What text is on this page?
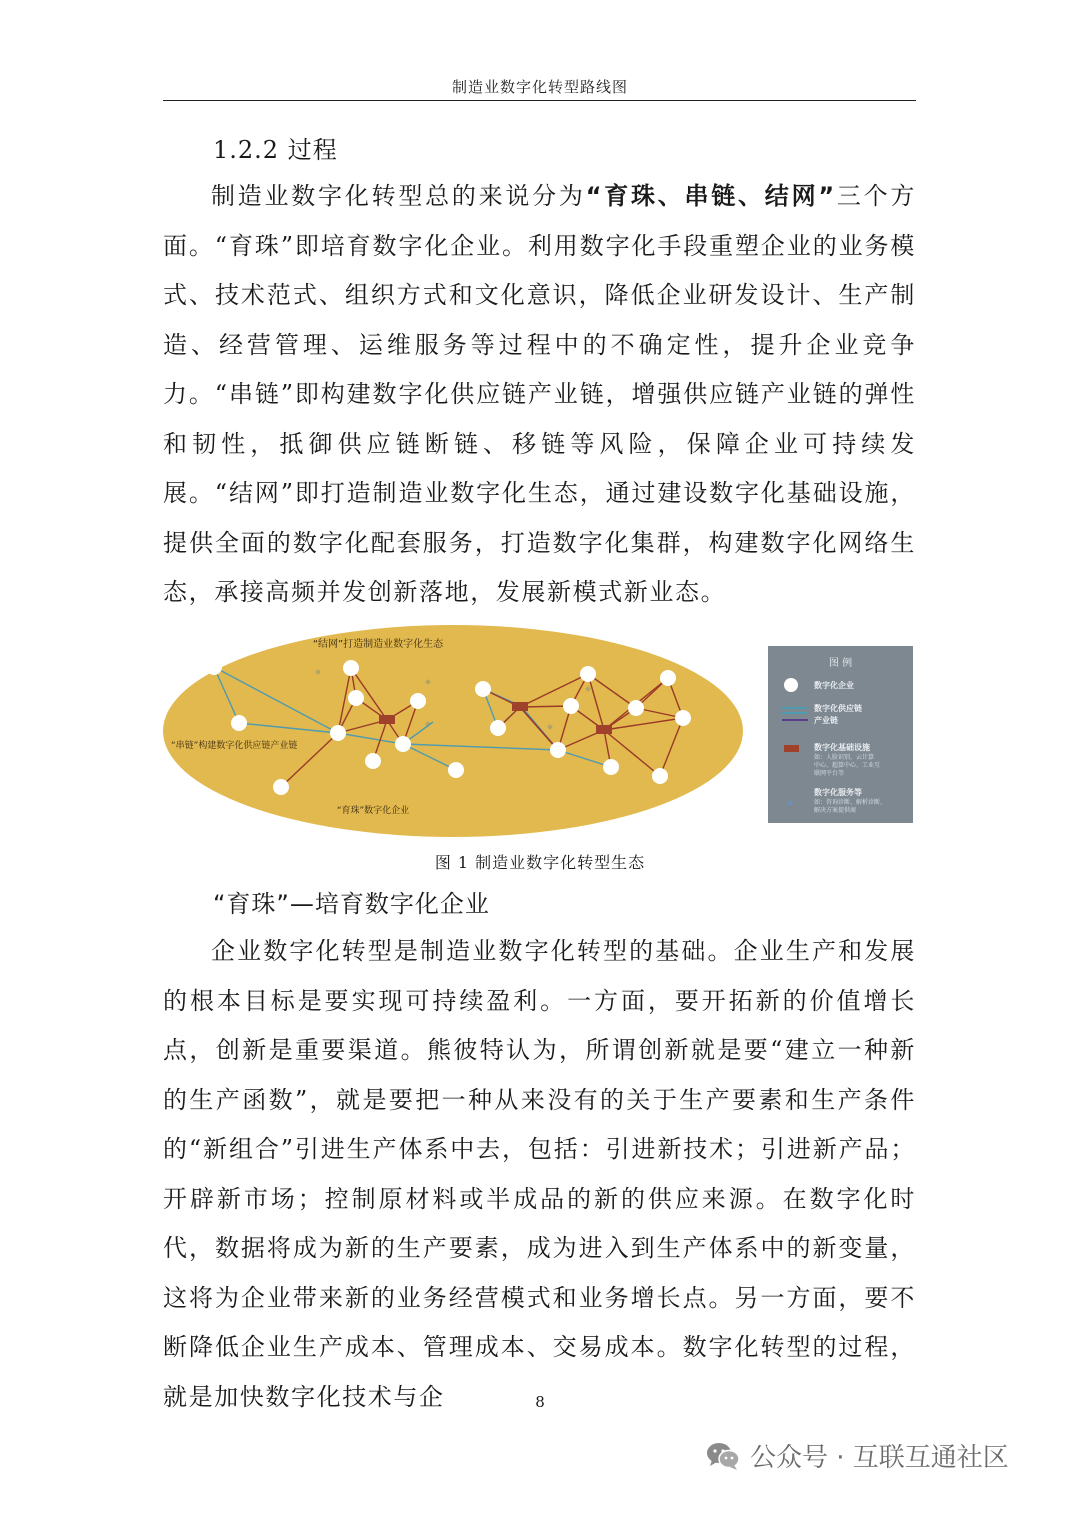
制造业数字化转型路线图
1.2.2 过程

制造业数字化转型总的来说分为“育珠、串链、结网”三个方面。“育珠”即培育数字化企业。利用数字化手段重塑企业的业务模式、技术范式、组织方式和文化意识，降低企业研发设计、生产制造、经营管理、运维服务等过程中的不确定性，提升企业竞争力。“串链”即构建数字化供应链产业链，增强供应链产业链的弹性和韧性，抵御供应链断链、移链等风险，保障企业可持续发展。“结网”即打造制造业数字化生态，通过建设数字化基础设施，提供全面的数字化配套服务，打造数字化集群，构建数字化网络生态，承接高频并发创新落地，发展新模式新业态。

“结网”打造制造业数字化生态
“串链”构建数字化供应链产业链
“育珠”数字化企业
图 例
数字化企业
数字化供应链
产业链
数字化基础设施
如：人脸识别、云计算
中心、超算中心、工业互
联网平台等
数字化服务等
如：咨询诊断、解析诊断、
解决方案提供商
图 1 制造业数字化转型生态
“育珠”—培育数字化企业

企业数字化转型是制造业数字化转型的基础。企业生产和发展的根本目标是要实现可持续盈利。一方面，要开拓新的价值增长点，创新是重要渠道。熊彼特认为，所谓创新就是要“建立一种新的生产函数”，就是要把一种从来没有的关于生产要素和生产条件的“新组合”引进生产体系中去，包括：引进新技术；引进新产品；开辟新市场；控制原材料或半成品的新的供应来源。在数字化时代，数据将成为新的生产要素，成为进入到生产体系中的新变量，这将为企业带来新的业务经营模式和业务增长点。另一方面，要不断降低企业生产成本、管理成本、交易成本。数字化转型的过程，就是加快数字化技术与企	8
公众号 · 互联互通社区
